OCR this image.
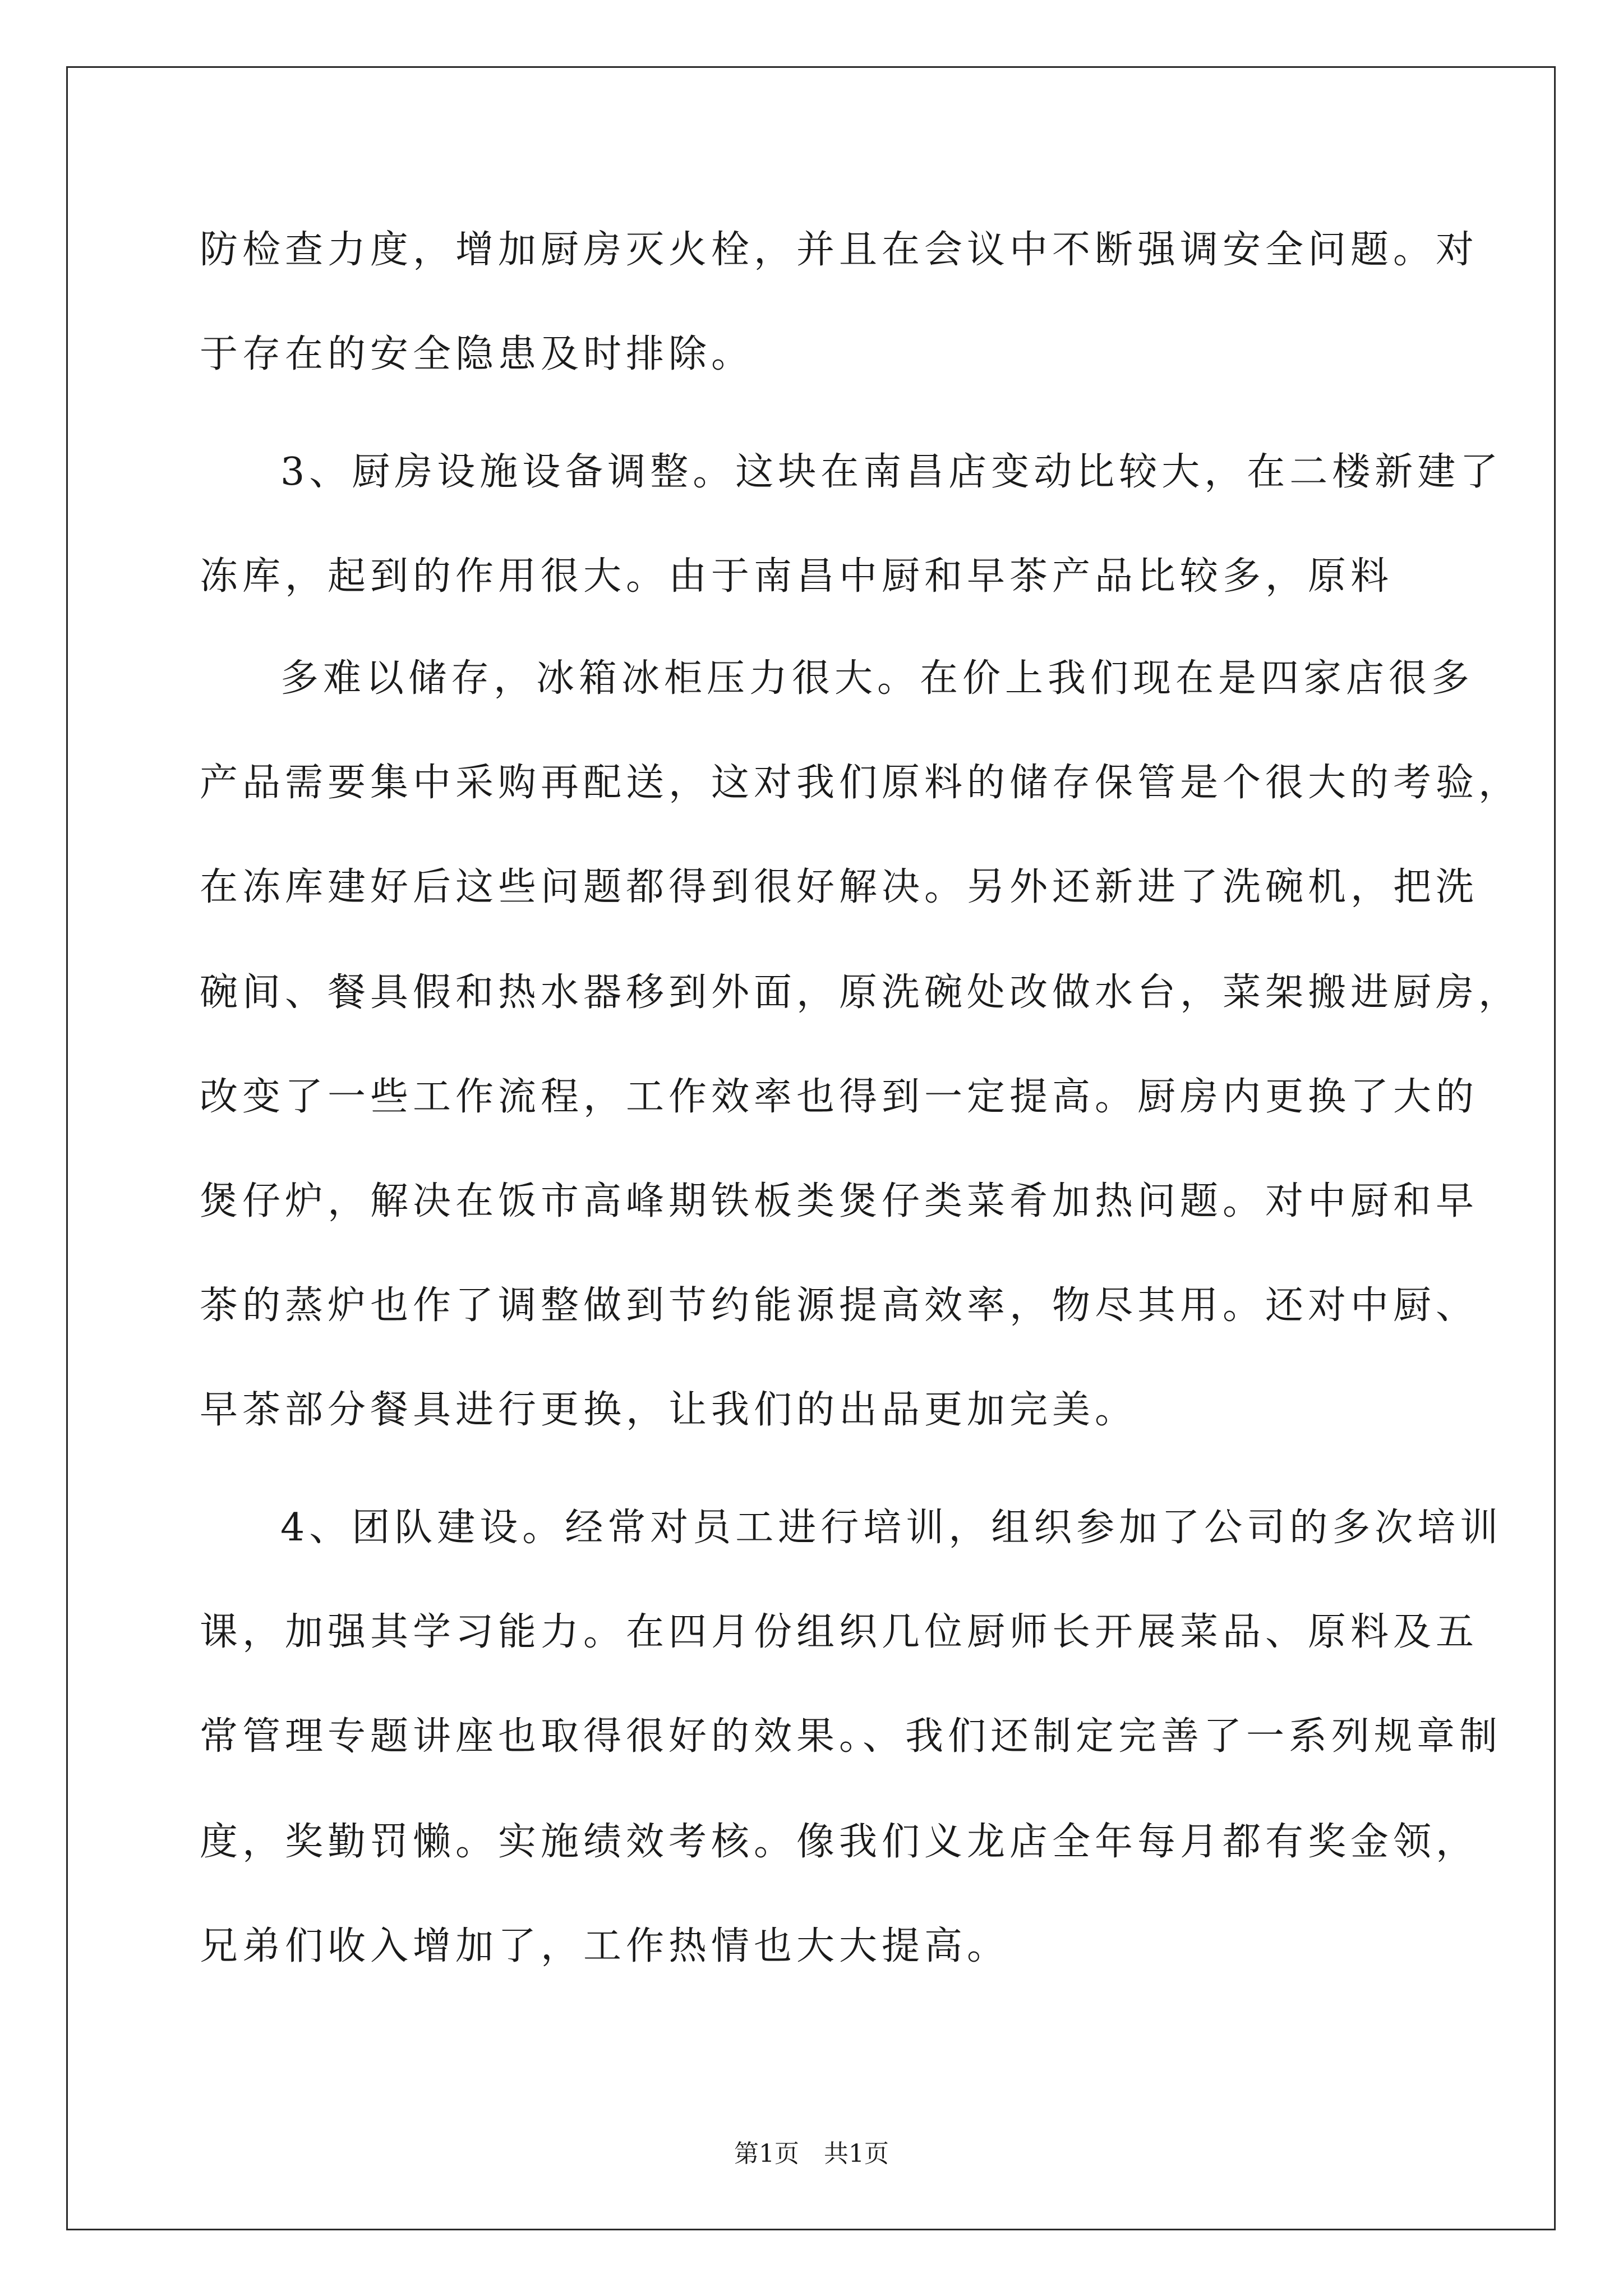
防检查力度，增加厨房灭火栓，并且在会议中不断强调安全问题。对
于存在的安全隐患及时排除。
3、厨房设施设备调整。这块在南昌店变动比较大，在二楼新建了
冻库，起到的作用很大。由于南昌中厨和早茶产品比较多，原料
多难以储存，冰箱冰柜压力很大。在价上我们现在是四家店很多
产品需要集中采购再配送，这对我们原料的储存保管是个很大的考验，
在冻库建好后这些问题都得到很好解决。另外还新进了洗碗机，把洗
碗间、餐具假和热水器移到外面，原洗碗处改做水台，菜架搬进厨房，
改变了一些工作流程，工作效率也得到一定提高。厨房内更换了大的
煲仔炉，解决在饭市高峰期铁板类煲仔类菜肴加热问题。对中厨和早
茶的蒸炉也作了调整做到节约能源提高效率，物尽其用。还对中厨、
早茶部分餐具进行更换，让我们的出品更加完美。
4、团队建设。经常对员工进行培训，组织参加了公司的多次培训
课，加强其学习能力。在四月份组织几位厨师长开展菜品、原料及五
常管理专题讲座也取得很好的效果。、我们还制定完善了一系列规章制
度，奖勤罚懒。实施绩效考核。像我们义龙店全年每月都有奖金领，
兄弟们收入增加了，工作热情也大大提高。
第1页　共1页
